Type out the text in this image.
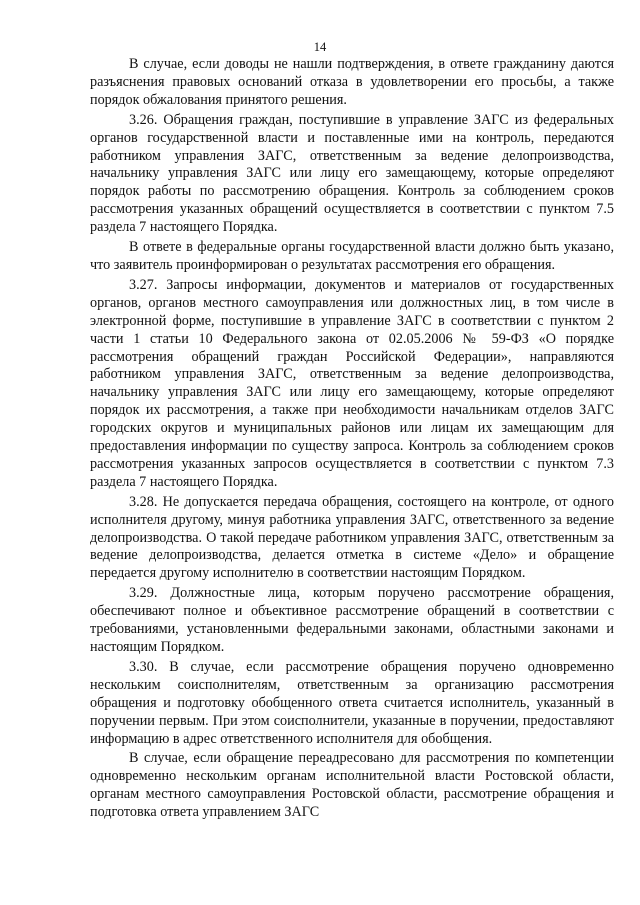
14

В случае, если доводы не нашли подтверждения, в ответе гражданину даются разъяснения правовых оснований отказа в удовлетворении его просьбы, а также порядок обжалования принятого решения.

3.26. Обращения граждан, поступившие в управление ЗАГС из федеральных органов государственной власти и поставленные ими на контроль, передаются работником управления ЗАГС, ответственным за ведение делопроизводства, начальнику управления ЗАГС или лицу его замещающему, которые определяют порядок работы по рассмотрению обращения. Контроль за соблюдением сроков рассмотрения указанных обращений осуществляется в соответствии с пунктом 7.5 раздела 7 настоящего Порядка.

В ответе в федеральные органы государственной власти должно быть указано, что заявитель проинформирован о результатах рассмотрения его обращения.

3.27. Запросы информации, документов и материалов от государственных органов, органов местного самоуправления или должностных лиц, в том числе в электронной форме, поступившие в управление ЗАГС в соответствии с пунктом 2 части 1 статьи 10 Федерального закона от 02.05.2006 № 59-ФЗ «О порядке рассмотрения обращений граждан Российской Федерации», направляются работником управления ЗАГС, ответственным за ведение делопроизводства, начальнику управления ЗАГС или лицу его замещающему, которые определяют порядок их рассмотрения, а также при необходимости начальникам отделов ЗАГС городских округов и муниципальных районов или лицам их замещающим для предоставления информации по существу запроса. Контроль за соблюдением сроков рассмотрения указанных запросов осуществляется в соответствии с пунктом 7.3 раздела 7 настоящего Порядка.

3.28. Не допускается передача обращения, состоящего на контроле, от одного исполнителя другому, минуя работника управления ЗАГС, ответственного за ведение делопроизводства. О такой передаче работником управления ЗАГС, ответственным за ведение делопроизводства, делается отметка в системе «Дело» и обращение передается другому исполнителю в соответствии настоящим Порядком.

3.29. Должностные лица, которым поручено рассмотрение обращения, обеспечивают полное и объективное рассмотрение обращений в соответствии с требованиями, установленными федеральными законами, областными законами и настоящим Порядком.

3.30. В случае, если рассмотрение обращения поручено одновременно нескольким соисполнителям, ответственным за организацию рассмотрения обращения и подготовку обобщенного ответа считается исполнитель, указанный в поручении первым. При этом соисполнители, указанные в поручении, предоставляют информацию в адрес ответственного исполнителя для обобщения.

В случае, если обращение переадресовано для рассмотрения по компетенции одновременно нескольким органам исполнительной власти Ростовской области, органам местного самоуправления Ростовской области, рассмотрение обращения и подготовка ответа управлением ЗАГС
